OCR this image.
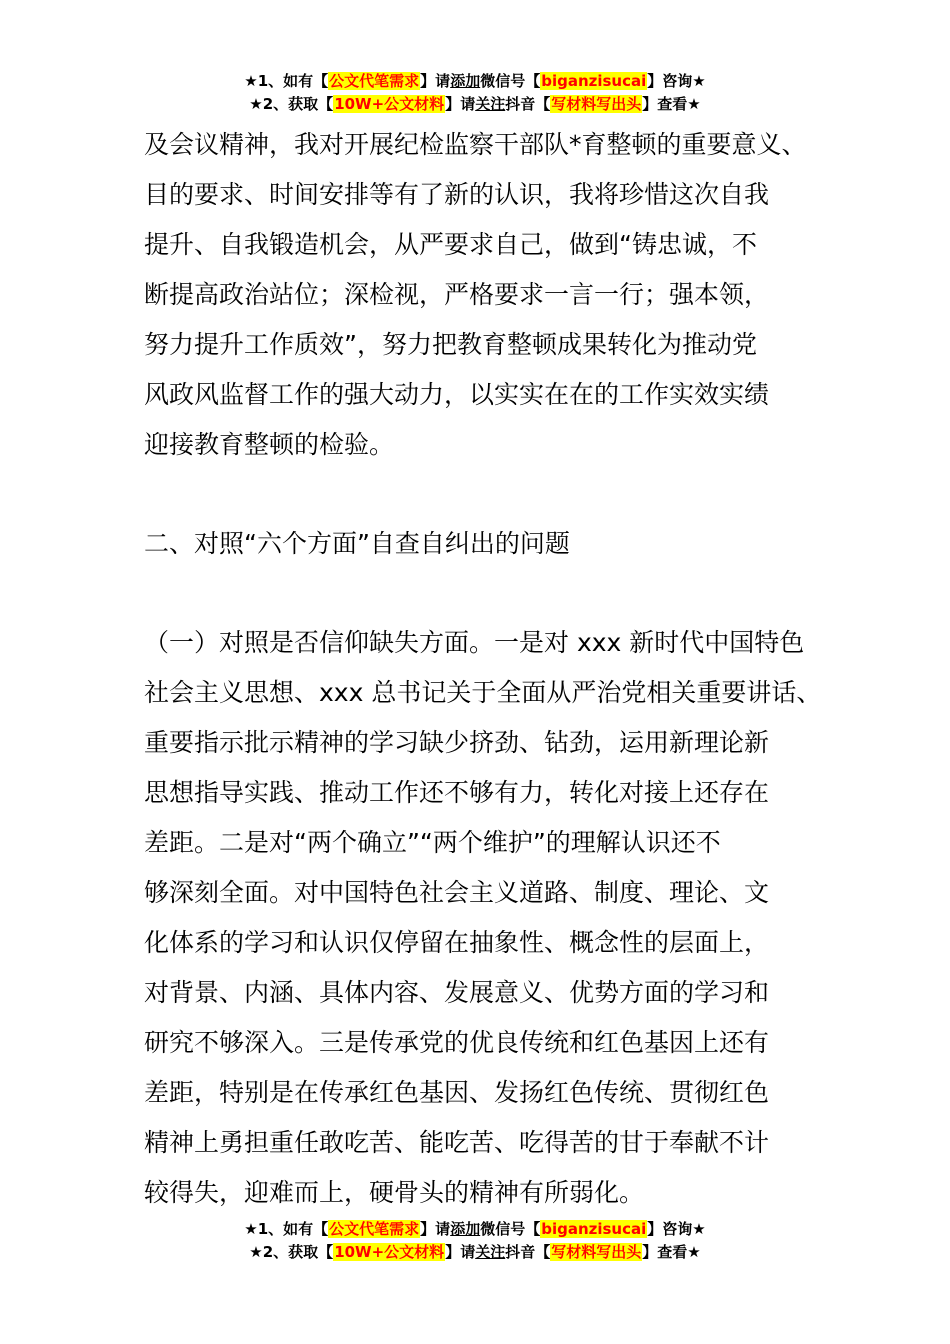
★1、如有【公文代笔需求】请添加微信号【biganzisucai】咨询★
★2、获取【10W+公文材料】请关注抖音【写材料写出头】查看★

及会议精神，我对开展纪检监察干部队*育整顿的重要意义、

目的要求、时间安排等有了新的认识，我将珍惜这次自我

提升、自我锻造机会，从严要求自己，做到“铸忠诚，不

断提高政治站位；深检视，严格要求一言一行；强本领，

努力提升工作质效”，努力把教育整顿成果转化为推动党

风政风监督工作的强大动力，以实实在在的工作实效实绩

迎接教育整顿的检验。

二、对照“六个方面”自查自纠出的问题

（一）对照是否信仰缺失方面。一是对 xxx 新时代中国特色

社会主义思想、xxx 总书记关于全面从严治党相关重要讲话、

重要指示批示精神的学习缺少挤劲、钻劲，运用新理论新

思想指导实践、推动工作还不够有力，转化对接上还存在

差距。二是对“两个确立”“两个维护”的理解认识还不

够深刻全面。对中国特色社会主义道路、制度、理论、文

化体系的学习和认识仅停留在抽象性、概念性的层面上，

对背景、内涵、具体内容、发展意义、优势方面的学习和

研究不够深入。三是传承党的优良传统和红色基因上还有

差距，特别是在传承红色基因、发扬红色传统、贯彻红色

精神上勇担重任敢吃苦、能吃苦、吃得苦的甘于奉献不计

较得失，迎难而上，硬骨头的精神有所弱化。

★1、如有【公文代笔需求】请添加微信号【biganzisucai】咨询★
★2、获取【10W+公文材料】请关注抖音【写材料写出头】查看★
